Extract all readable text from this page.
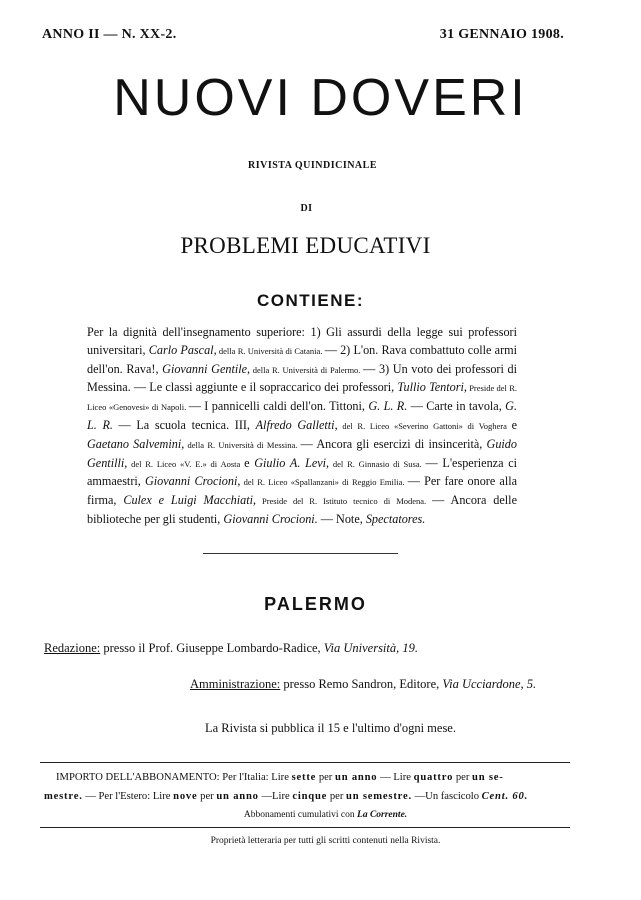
ANNO II — N. XX-2.	31 GENNAIO 1908.
NUOVI DOVERI
RIVISTA QUINDICINALE
DI
PROBLEMI EDUCATIVI
CONTIENE:

Per la dignità dell'insegnamento superiore: 1) Gli assurdi della legge sui professori universitari, Carlo Pascal, della R. Università di Catania. — 2) L'on. Rava combattuto colle armi dell'on. Rava!, Giovanni Gentile, della R. Università di Palermo. — 3) Un voto dei professori di Messina. — Le classi aggiunte e il sopraccarico dei professori, Tullio Tentori, Preside del R. Liceo «Genovesi» di Napoli. — I pannicelli caldi dell'on. Tittoni, G. L. R. — Carte in tavola, G. L. R. — La scuola tecnica. III, Alfredo Galletti, del R. Liceo «Severino Gattoni» di Voghera e Gaetano Salvemini, della R. Università di Messina. — Ancora gli esercizi di insincerità, Guido Gentilli, del R. Liceo «V. E.» di Aosta e Giulio A. Levi, del R. Ginnasio di Susa. — L'esperienza ci ammaestri, Giovanni Crocioni, del R. Liceo «Spallanzani» di Reggio Emilia. — Per fare onore alla firma, Culex e Luigi Macchiati, Preside del R. Istituto tecnico di Modena. — Ancora delle biblioteche per gli studenti, Giovanni Crocioni. — Note, Spectatores.

PALERMO
Redazione: presso il Prof. Giuseppe Lombardo-Radice, Via Università, 19.
Amministrazione: presso Remo Sandron, Editore, Via Ucciardone, 5.
La Rivista si pubblica il 15 e l'ultimo d'ogni mese.
IMPORTO DELL'ABBONAMENTO: Per l'Italia: Lire sette per un anno — Lire quattro per un se-
mestre. — Per l'Estero: Lire nove per un anno —Lire cinque per un semestre. —Un fascicolo Cent. 60.
Abbonamenti cumulativi con La Corrente.
Proprietà letteraria per tutti gli scritti contenuti nella Rivista.
